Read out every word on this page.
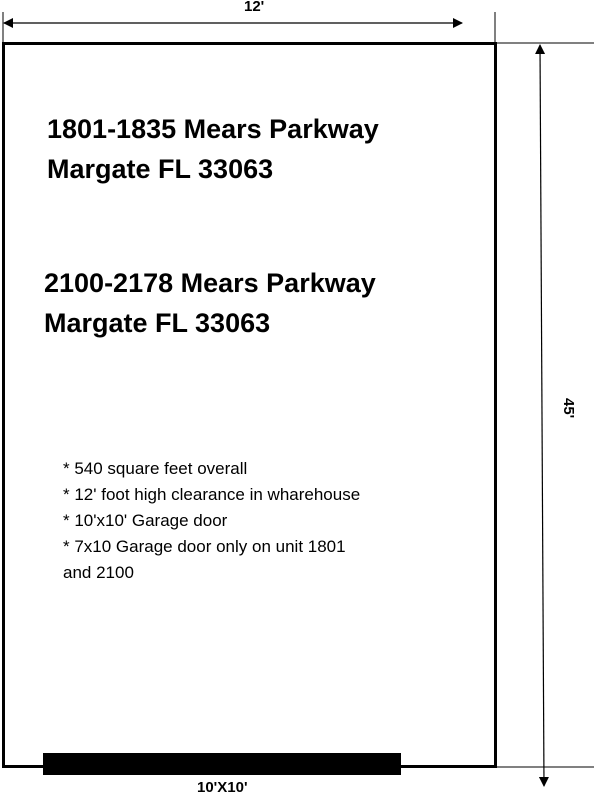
12'
45'
10'X10'
1801-1835 Mears Parkway
Margate FL 33063
2100-2178 Mears Parkway
Margate FL 33063
* 540 square feet overall
* 12' foot high clearance in wharehouse
* 10'x10' Garage door
* 7x10 Garage door only on unit 1801
and 2100
